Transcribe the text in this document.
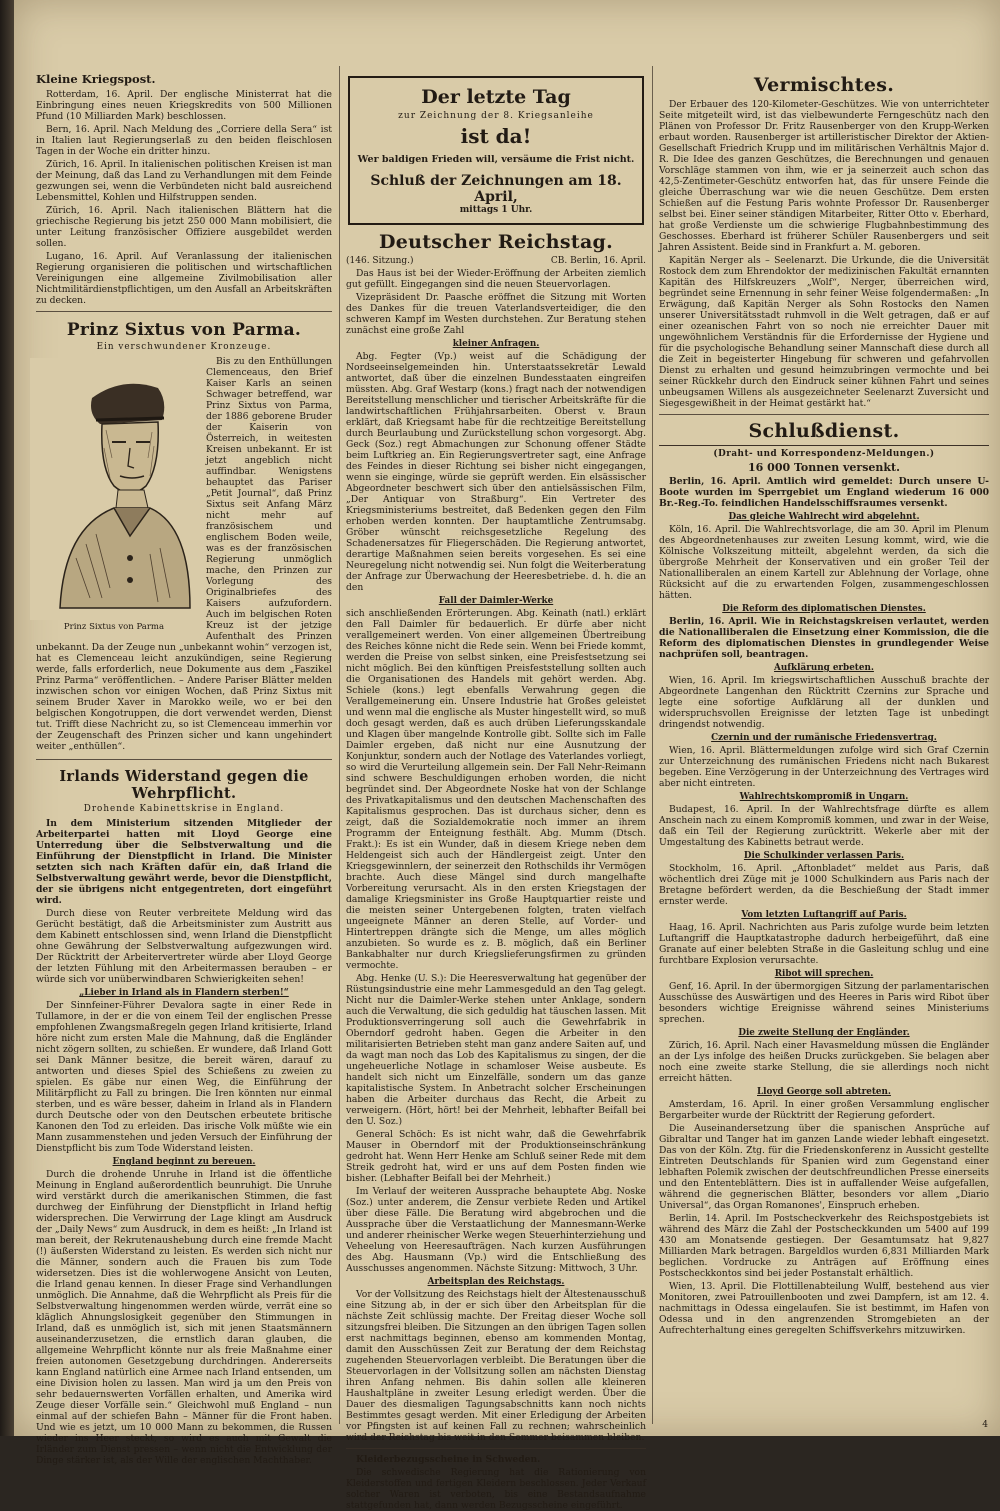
Kleine Kriegspost.

Rotterdam, 16. April. Der englische Ministerrat hat die Einbringung eines neuen Kriegskredits von 500 Millionen Pfund (10 Milliarden Mark) beschlossen.

Bern, 16. April. Nach Meldung des „Corriere della Sera“ ist in Italien laut Regierungserlaß zu den beiden fleischlosen Tagen in der Woche ein dritter hinzu.

Zürich, 16. April. In italienischen politischen Kreisen ist man der Meinung, daß das Land zu Verhandlungen mit dem Feinde gezwungen sei, wenn die Verbündeten nicht bald ausreichend Lebensmittel, Kohlen und Hilfstruppen senden.

Zürich, 16. April. Nach italienischen Blättern hat die griechische Regierung bis jetzt 250 000 Mann mobilisiert, die unter Leitung französischer Offiziere ausgebildet werden sollen.

Lugano, 16. April. Auf Veranlassung der italienischen Regierung organisieren die politischen und wirtschaftlichen Vereinigungen eine allgemeine Zivilmobilisation aller Nichtmilitärdienstpflichtigen, um den Ausfall an Arbeitskräften zu decken.

Prinz Sixtus von Parma.
Ein verschwundener Kronzeuge.
Prinz Sixtus von Parma

Bis zu den Enthüllungen Clemenceaus, den Brief Kaiser Karls an seinen Schwager betreffend, war Prinz Sixtus von Parma, der 1886 geborene Bruder der Kaiserin von Österreich, in weitesten Kreisen unbekannt. Er ist jetzt angeblich nicht auffindbar. Wenigstens behauptet das Pariser „Petit Journal“, daß Prinz Sixtus seit Anfang März nicht mehr auf französischem und englischem Boden weile, was es der französischen Regierung unmöglich mache, den Prinzen zur Vorlegung des Originalbriefes des Kaisers aufzufordern. Auch im belgischen Roten Kreuz ist der jetzige Aufenthalt des Prinzen unbekannt. Da der Zeuge nun „unbekannt wohin“ verzogen ist, hat es Clemenceau leicht anzukündigen, seine Regierung werde, falls erforderlich, neue Dokumente aus dem „Faszikel Prinz Parma“ veröffentlichen. – Andere Pariser Blätter melden inzwischen schon vor einigen Wochen, daß Prinz Sixtus mit seinem Bruder Xaver in Marokko weile, wo er bei den belgischen Kongotruppen, die dort verwendet werden, Dienst tut. Trifft diese Nachricht zu, so ist Clemenceau immerhin vor der Zeugenschaft des Prinzen sicher und kann ungehindert weiter „enthüllen“.

Irlands Widerstand gegen die Wehrpflicht.
Drohende Kabinettskrise in England.

In dem Ministerium sitzenden Mitglieder der Arbeiterpartei hatten mit Lloyd George eine Unterredung über die Selbstverwaltung und die Einführung der Dienstpflicht in Irland. Die Minister setzten sich nach Kräften dafür ein, daß Irland die Selbstverwaltung gewährt werde, bevor die Dienstpflicht, der sie übrigens nicht entgegentreten, dort eingeführt wird.

Durch diese von Reuter verbreitete Meldung wird das Gerücht bestätigt, daß die Arbeitsminister zum Austritt aus dem Kabinett entschlossen sind, wenn Irland die Dienstpflicht ohne Gewährung der Selbstverwaltung aufgezwungen wird. Der Rücktritt der Arbeitervertreter würde aber Lloyd George der letzten Fühlung mit den Arbeitermassen berauben – er würde sich vor unüberwindbaren Schwierigkeiten sehen!

„Lieber in Irland als in Flandern sterben!“

Der Sinnfeiner-Führer Devalora sagte in einer Rede in Tullamore, in der er die von einem Teil der englischen Presse empfohlenen Zwangsmaßregeln gegen Irland kritisierte, Irland höre nicht zum ersten Male die Mahnung, daß die Engländer nicht zögern sollten, zu schießen. Er wundere, daß Irland Gott sei Dank Männer besitze, die bereit wären, darauf zu antworten und dieses Spiel des Schießens zu zweien zu spielen. Es gäbe nur einen Weg, die Einführung der Militärpflicht zu Fall zu bringen. Die Iren könnten nur einmal sterben, und es wäre besser, daheim in Irland als in Flandern durch Deutsche oder von den Deutschen erbeutete britische Kanonen den Tod zu erleiden. Das irische Volk müßte wie ein Mann zusammenstehen und jeden Versuch der Einführung der Dienstpflicht bis zum Tode Widerstand leisten.

England beginnt zu bereuen.

Durch die drohende Unruhe in Irland ist die öffentliche Meinung in England außerordentlich beunruhigt. Die Unruhe wird verstärkt durch die amerikanischen Stimmen, die fast durchweg der Einführung der Dienstpflicht in Irland heftig widersprechen. Die Verwirrung der Lage klingt am Ausdruck der „Daily News“ zum Ausdruck, in dem es heißt: „In Irland ist man bereit, der Rekrutenaushebung durch eine fremde Macht (!) äußersten Widerstand zu leisten. Es werden sich nicht nur die Männer, sondern auch die Frauen bis zum Tode widersetzen. Dies ist die wohlerwogene Ansicht von Leuten, die Irland genau kennen. In dieser Frage sind Verhandlungen unmöglich. Die Annahme, daß die Wehrpflicht als Preis für die Selbstverwaltung hingenommen werden würde, verrät eine so kläglich Ahnungslosigkeit gegenüber den Stimmungen in Irland, daß es unmöglich ist, sich mit jenen Staatsmännern auseinanderzusetzen, die ernstlich daran glauben, die allgemeine Wehrpflicht könnte nur als freie Maßnahme einer freien autonomen Gesetzgebung durchdringen. Andererseits kann England natürlich eine Armee nach Irland entsenden, um eine Division holen zu lassen. Man wird ja um den Preis von sehr bedauernswerten Vorfällen erhalten, und Amerika wird Zeuge dieser Vorfälle sein.“ Gleichwohl muß England – nun einmal auf der schiefen Bahn – Männer für die Front haben. Und wie es jetzt, um 10 000 Mann zu bekommen, die Russen wieder ins Heer steckt, so wird es auch mit Gewalt die Irländer zum Dienst pressen – wenn nicht die Entwicklung der Dinge stärker ist, als der Wille der englischen Machthaber.

Der letzte Tag
zur Zeichnung der 8. Kriegsanleihe
ist da!
Wer baldigen Frieden will, versäume die Frist nicht.
Schluß der Zeichnungen am 18. April,
mittags 1 Uhr.
Deutscher Reichstag.
(146. Sitzung.)	CB. Berlin, 16. April.

Das Haus ist bei der Wieder-Eröffnung der Arbeiten ziemlich gut gefüllt. Eingegangen sind die neuen Steuervorlagen.

Vizepräsident Dr. Paasche eröffnet die Sitzung mit Worten des Dankes für die treuen Vaterlandsverteidiger, die den schweren Kampf im Westen durchstehen. Zur Beratung stehen zunächst eine große Zahl

kleiner Anfragen.

Abg. Fegter (Vp.) weist auf die Schädigung der Nordseeinselgemeinden hin. Unterstaatssekretär Lewald antwortet, daß über die einzelnen Bundesstaaten eingreifen müssten. Abg. Graf Westarp (kons.) fragt nach der notwendigen Bereitstellung menschlicher und tierischer Arbeitskräfte für die landwirtschaftlichen Frühjahrsarbeiten. Oberst v. Braun erklärt, daß Kriegsamt habe für die rechtzeitige Bereitstellung durch Beurlaubung und Zurückstellung schon vorgesorgt. Abg. Geck (Soz.) regt Abmachungen zur Schonung offener Städte beim Luftkrieg an. Ein Regierungsvertreter sagt, eine Anfrage des Feindes in dieser Richtung sei bisher nicht eingegangen, wenn sie einginge, würde sie geprüft werden. Ein elsässischer Abgeordneter beschwert sich über den antielsässischen Film, „Der Antiquar von Straßburg“. Ein Vertreter des Kriegsministeriums bestreitet, daß Bedenken gegen den Film erhoben werden konnten. Der hauptamtliche Zentrumsabg. Gröber wünscht reichsgesetzliche Regelung des Schadenersatzes für Fliegerschäden. Die Regierung antwortet, derartige Maßnahmen seien bereits vorgesehen. Es sei eine Neuregelung nicht notwendig sei. Nun folgt die Weiterberatung der Anfrage zur Überwachung der Heeresbetriebe. d. h. die an den

Fall der Daimler-Werke

sich anschließenden Erörterungen. Abg. Keinath (natl.) erklärt den Fall Daimler für bedauerlich. Er dürfe aber nicht verallgemeinert werden. Von einer allgemeinen Übertreibung des Reiches könne nicht die Rede sein. Wenn bei Friede kommt, werden die Preise von selbst sinken, eine Preisfestsetzung sei nicht möglich. Bei den künftigen Preisfeststellung sollten auch die Organisationen des Handels mit gehört werden. Abg. Schiele (kons.) legt ebenfalls Verwahrung gegen die Verallgemeinerung ein. Unsere Industrie hat Großes geleistet und wenn mal die englische als Muster hingestellt wird, so muß doch gesagt werden, daß es auch drüben Lieferungsskandale und Klagen über mangelnde Kontrolle gibt. Sollte sich im Falle Daimler ergeben, daß nicht nur eine Ausnutzung der Konjunktur, sondern auch der Notlage des Vaterlandes vorliegt, so wird die Verurteilung allgemein sein. Der Fall Nehr-Reimann sind schwere Beschuldigungen erhoben worden, die nicht begründet sind. Der Abgeordnete Noske hat von der Schlange des Privatkapitalismus und den deutschen Machenschaften des Kapitalismus gesprochen. Das ist durchaus sicher, denn es zeigt, daß die Sozialdemokratie noch immer an ihrem Programm der Enteignung festhält. Abg. Mumm (Dtsch. Frakt.): Es ist ein Wunder, daß in diesem Kriege neben dem Heldengeist sich auch der Händlergeist zeigt. Unter den Kriegsgewinnlern, der seinerzeit den Rothschilds ihr Vermögen brachte. Auch diese Mängel sind durch mangelhafte Vorbereitung verursacht. Als in den ersten Kriegstagen der damalige Kriegsminister ins Große Hauptquartier reiste und die meisten seiner Untergebenen folgten, traten vielfach ungeeignete Männer an deren Stelle, auf Vorder- und Hintertreppen drängte sich die Menge, um alles möglich anzubieten. So wurde es z. B. möglich, daß ein Berliner Bankabhalter nur durch Kriegslieferungsfirmen zu gründen vermochte.

Abg. Henke (U. S.): Die Heeresverwaltung hat gegenüber der Rüstungsindustrie eine mehr Lammesgeduld an den Tag gelegt. Nicht nur die Daimler-Werke stehen unter Anklage, sondern auch die Verwaltung, die sich geduldig hat täuschen lassen. Mit Produktionsverringerung soll auch die Gewehrfabrik in Oberndorf gedroht haben. Gegen die Arbeiter in den militarisierten Betrieben steht man ganz andere Saiten auf, und da wagt man noch das Lob des Kapitalismus zu singen, der die ungeheuerliche Notlage in schamloser Weise ausbeute. Es handelt sich nicht um Einzelfälle, sondern um das ganze kapitalistische System. In Anbetracht solcher Erscheinungen haben die Arbeiter durchaus das Recht, die Arbeit zu verweigern. (Hört, hört! bei der Mehrheit, lebhafter Beifall bei den U. Soz.)

General Schöch: Es ist nicht wahr, daß die Gewehrfabrik Mauser in Oberndorf mit der Produktionseinschränkung gedroht hat. Wenn Herr Henke am Schluß seiner Rede mit dem Streik gedroht hat, wird er uns auf dem Posten finden wie bisher. (Lebhafter Beifall bei der Mehrheit.)

Im Verlauf der weiteren Aussprache behauptete Abg. Noske (Soz.) unter anderem, die Zensur verbiete Reden und Artikel über diese Fälle. Die Beratung wird abgebrochen und die Aussprache über die Verstaatlichung der Mannesmann-Werke und anderer rheinischer Werke wegen Steuerhinterziehung und Veheelung von Heeresaufträgen. Nach kurzen Ausführungen des Abg. Hausmann (Vp.) wird die Entschließung des Ausschusses angenommen. Nächste Sitzung: Mittwoch, 3 Uhr.

Arbeitsplan des Reichstags.

Vor der Vollsitzung des Reichstags hielt der Ältestenausschuß eine Sitzung ab, in der er sich über den Arbeitsplan für die nächste Zeit schlüssig machte. Der Freitag dieser Woche soll sitzungsfrei bleiben. Die Sitzungen an den übrigen Tagen sollen erst nachmittags beginnen, ebenso am kommenden Montag, damit den Ausschüssen Zeit zur Beratung der dem Reichstag zugehenden Steuervorlagen verbleibt. Die Beratungen über die Steuervorlagen in der Vollsitzung sollen am nächsten Dienstag ihren Anfang nehmen. Bis dahin sollen alle kleineren Haushaltpläne in zweiter Lesung erledigt werden. Über die Dauer des diesmaligen Tagungsabschnitts kann noch nichts Bestimmtes gesagt werden. Mit einer Erledigung der Arbeiten vor Pfingsten ist auf keinen Fall zu rechnen; wahrscheinlich wird der Reichstag bis weit in den Sommer beisammen bleiben.

Kleiderbezugsscheine in Schweden.

Die schwedische Regierung hat die Rationierung von Kleiderstoffen und fertigen Kleidern beschlossen. Jeder Verkauf solcher Waren ist verboten, bis eine Bestandsaufnahme stattgefunden hat, dann werden Bezugsscheine eingeführt.

Vermischtes.

Der Erbauer des 120-Kilometer-Geschützes. Wie von unterrichteter Seite mitgeteilt wird, ist das vielbewunderte Ferngeschütz nach den Plänen von Professor Dr. Fritz Rausenberger von den Krupp-Werken erbaut worden. Rausenberger ist artilleristischer Direktor der Aktien-Gesellschaft Friedrich Krupp und im militärischen Verhältnis Major d. R. Die Idee des ganzen Geschützes, die Berechnungen und genauen Vorschläge stammen von ihm, wie er ja seinerzeit auch schon das 42,5-Zentimeter-Geschütz entworfen hat, das für unsere Feinde die gleiche Überraschung war wie die neuen Geschütze. Dem ersten Schießen auf die Festung Paris wohnte Professor Dr. Rausenberger selbst bei. Einer seiner ständigen Mitarbeiter, Ritter Otto v. Eberhard, hat große Verdienste um die schwierige Flugbahnbestimmung des Geschosses. Eberhard ist früherer Schüler Rausenbergers und seit Jahren Assistent. Beide sind in Frankfurt a. M. geboren.

Kapitän Nerger als – Seelenarzt. Die Urkunde, die die Universität Rostock dem zum Ehrendoktor der medizinischen Fakultät ernannten Kapitän des Hilfskreuzers „Wolf“, Nerger, überreichen wird, begründet seine Ernennung in sehr feiner Weise folgendermaßen: „In Erwägung, daß Kapitän Nerger als Sohn Rostocks den Namen unserer Universitätsstadt ruhmvoll in die Welt getragen, daß er auf einer ozeanischen Fahrt von so noch nie erreichter Dauer mit ungewöhnlichem Verständnis für die Erfordernisse der Hygiene und für die psychologische Behandlung seiner Mannschaft diese durch all die Zeit in begeisterter Hingebung für schweren und gefahrvollen Dienst zu erhalten und gesund heimzubringen vermochte und bei seiner Rückkehr durch den Eindruck seiner kühnen Fahrt und seines unbeugsamen Willens als ausgezeichneter Seelenarzt Zuversicht und Siegesgewißheit in der Heimat gestärkt hat.“

Schlußdienst.
(Draht- und Korrespondenz-Meldungen.)
16 000 Tonnen versenkt.

Berlin, 16. April. Amtlich wird gemeldet: Durch unsere U-Boote wurden im Sperrgebiet um England wiederum 16 000 Br.-Reg.-To. feindlichen Handelsschiffsraumes versenkt.

Das gleiche Wahlrecht wird abgelehnt.

Köln, 16. April. Die Wahlrechtsvorlage, die am 30. April im Plenum des Abgeordnetenhauses zur zweiten Lesung kommt, wird, wie die Kölnische Volkszeitung mitteilt, abgelehnt werden, da sich die übergroße Mehrheit der Konservativen und ein großer Teil der Nationalliberalen an einem Kartell zur Ablehnung der Vorlage, ohne Rücksicht auf die zu erwartenden Folgen, zusammengeschlossen hätten.

Die Reform des diplomatischen Dienstes.

Berlin, 16. April. Wie in Reichstagskreisen verlautet, werden die Nationalliberalen die Einsetzung einer Kommission, die die Reform des diplomatischen Dienstes in grundlegender Weise nachprüfen soll, beantragen.

Aufklärung erbeten.

Wien, 16. April. Im kriegswirtschaftlichen Ausschuß brachte der Abgeordnete Langenhan den Rücktritt Czernins zur Sprache und legte eine sofortige Aufklärung all der dunklen und widerspruchsvollen Ereignisse der letzten Tage ist unbedingt dringendst notwendig.

Czernin und der rumänische Friedensvertrag.

Wien, 16. April. Blättermeldungen zufolge wird sich Graf Czernin zur Unterzeichnung des rumänischen Friedens nicht nach Bukarest begeben. Eine Verzögerung in der Unterzeichnung des Vertrages wird aber nicht eintreten.

Wahlrechtskompromiß in Ungarn.

Budapest, 16. April. In der Wahlrechtsfrage dürfte es allem Anschein nach zu einem Kompromiß kommen, und zwar in der Weise, daß ein Teil der Regierung zurücktritt. Wekerle aber mit der Umgestaltung des Kabinetts betraut werde.

Die Schulkinder verlassen Paris.

Stockholm, 16. April. „Aftonbladet“ meldet aus Paris, daß wöchentlich drei Züge mit je 1000 Schulkindern aus Paris nach der Bretagne befördert werden, da die Beschießung der Stadt immer ernster werde.

Vom letzten Luftangriff auf Paris.

Haag, 16. April. Nachrichten aus Paris zufolge wurde beim letzten Luftangriff die Hauptkatastrophe dadurch herbeigeführt, daß eine Granate auf einer belebten Straße in die Gasleitung schlug und eine furchtbare Explosion verursachte.

Ribot will sprechen.

Genf, 16. April. In der übermorgigen Sitzung der parlamentarischen Ausschüsse des Auswärtigen und des Heeres in Paris wird Ribot über besonders wichtige Ereignisse während seines Ministeriums sprechen.

Die zweite Stellung der Engländer.

Zürich, 16. April. Nach einer Havasmeldung müssen die Engländer an der Lys infolge des heißen Drucks zurückgeben. Sie belagen aber noch eine zweite starke Stellung, die sie allerdings noch nicht erreicht hätten.

Lloyd George soll abtreten.

Amsterdam, 16. April. In einer großen Versammlung englischer Bergarbeiter wurde der Rücktritt der Regierung gefordert.

Die Auseinandersetzung über die spanischen Ansprüche auf Gibraltar und Tanger hat im ganzen Lande wieder lebhaft eingesetzt. Das von der Köln. Ztg. für die Friedenskonferenz in Aussicht gestellte Eintreten Deutschlands für Spanien wird zum Gegenstand einer lebhaften Polemik zwischen der deutschfreundlichen Presse einerseits und den Ententeblättern. Dies ist in auffallender Weise aufgefallen, während die gegnerischen Blätter, besonders vor allem „Diario Universal“, das Organ Romanones', Einspruch erheben.

Berlin, 14. April. Im Postscheckverkehr des Reichspostgebiets ist während des März die Zahl der Postscheckkunden um 5400 auf 199 430 am Monatsende gestiegen. Der Gesamtumsatz hat 9,827 Milliarden Mark betragen. Bargeldlos wurden 6,831 Milliarden Mark beglichen. Vordrucke zu Anträgen auf Eröffnung eines Postscheckkontos sind bei jeder Postanstalt erhältlich.

Wien, 13. April. Die Flottillenabteilung Wulff, bestehend aus vier Monitoren, zwei Patrouillenbooten und zwei Dampfern, ist am 12. 4. nachmittags in Odessa eingelaufen. Sie ist bestimmt, im Hafen von Odessa und in den angrenzenden Stromgebieten an der Aufrechterhaltung eines geregelten Schiffsverkehrs mitzuwirken.

4
